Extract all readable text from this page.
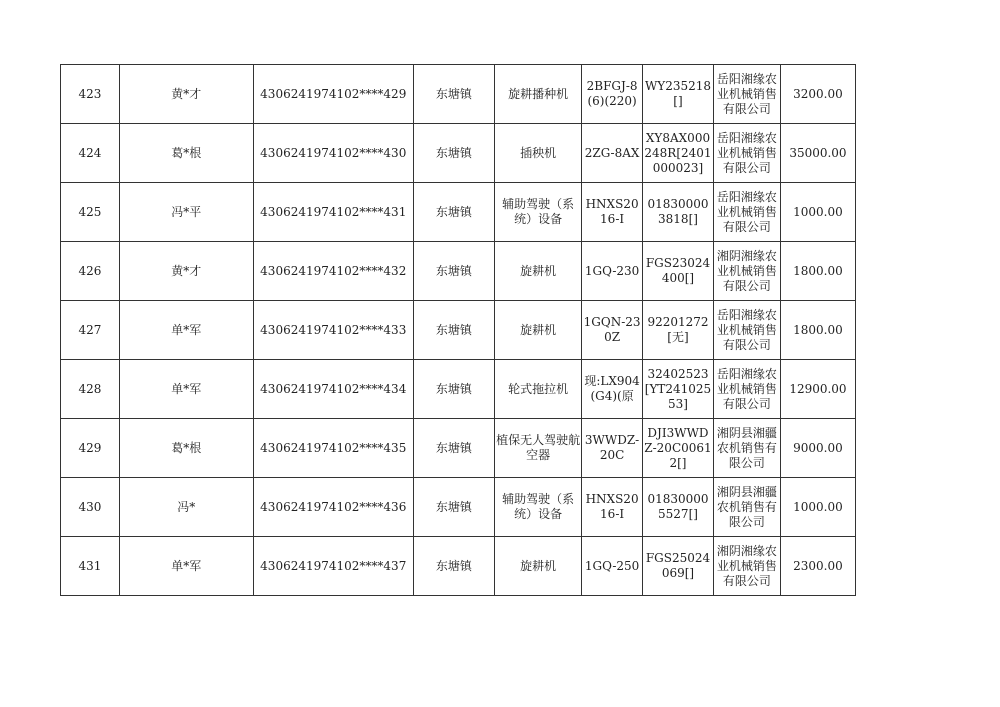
423	黄*才	4306241974102****429	东塘镇	旋耕播种机	2BFGJ-8(6)(220)	WY235218[]	岳阳湘缘农业机械销售有限公司	3200.00

424	葛*根	4306241974102****430	东塘镇	插秧机	2ZG-8AX	XY8AX000248R[2401000023]	岳阳湘缘农业机械销售有限公司	35000.00

425	冯*平	4306241974102****431	东塘镇	辅助驾驶（系统）设备	HNXS2016-I	018300003818[]	岳阳湘缘农业机械销售有限公司	1000.00

426	黄*才	4306241974102****432	东塘镇	旋耕机	1GQ-230	FGS23024400[]	湘阴湘缘农业机械销售有限公司	1800.00

427	单*军	4306241974102****433	东塘镇	旋耕机	1GQN-230Z	92201272[无]	岳阳湘缘农业机械销售有限公司	1800.00

428	单*军	4306241974102****434	东塘镇	轮式拖拉机	现:LX904(G4)(原	32402523[YT24102553]	岳阳湘缘农业机械销售有限公司	12900.00

429	葛*根	4306241974102****435	东塘镇	植保无人驾驶航空器	3WWDZ-20C	DJI3WWDZ-20C00612[]	湘阴县湘疆农机销售有限公司	9000.00

430	冯*	4306241974102****436	东塘镇	辅助驾驶（系统）设备	HNXS2016-I	018300005527[]	湘阴县湘疆农机销售有限公司	1000.00

431	单*军	4306241974102****437	东塘镇	旋耕机	1GQ-250	FGS25024069[]	湘阴湘缘农业机械销售有限公司	2300.00
